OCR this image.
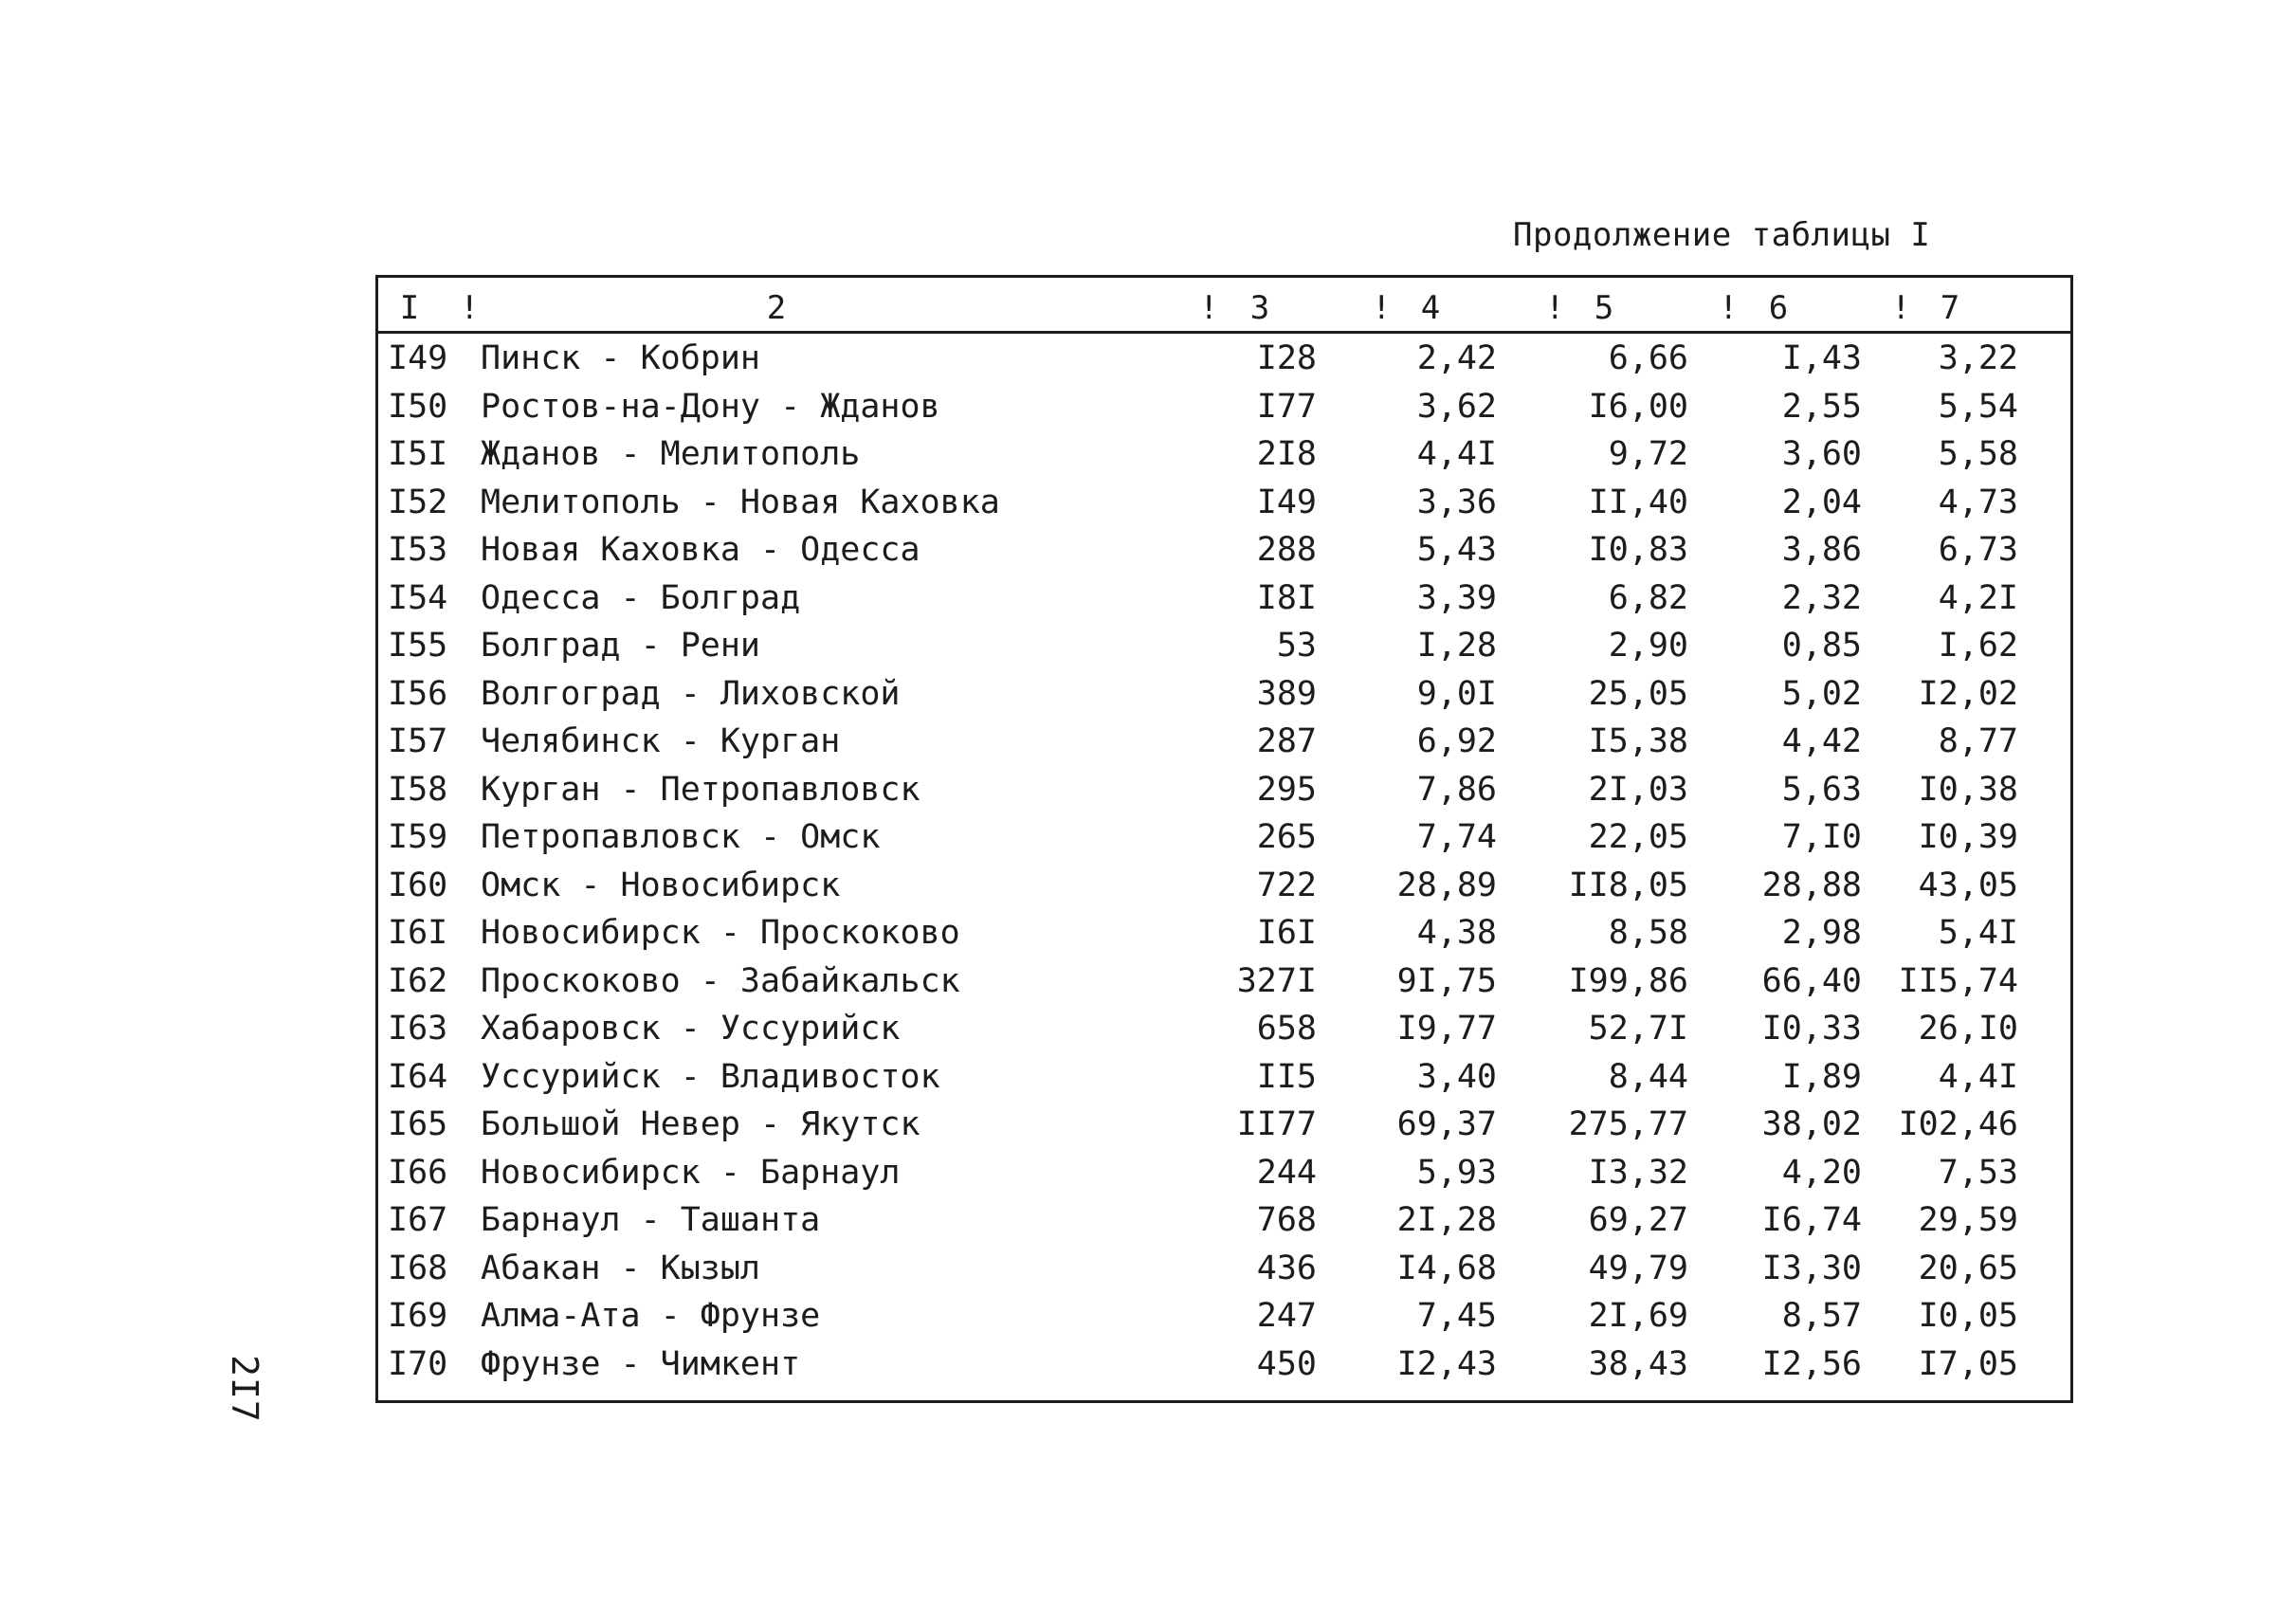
Продолжение таблицы I
2I7
I !	2	! 3	! 4	! 5	! 6	! 7
I49 Пинск - Кобрин	I28	2,42	6,66	I,43	3,22
I50 Ростов-на-Дону - Жданов	I77	3,62	I6,00	2,55	5,54
I5I Жданов - Мелитополь	2I8	4,4I	9,72	3,60	5,58
I52 Мелитополь - Новая Каховка	I49	3,36	II,40	2,04	4,73
I53 Новая Каховка - Одесса	288	5,43	I0,83	3,86	6,73
I54 Одесса - Болград	I8I	3,39	6,82	2,32	4,2I
I55 Болград - Рени	53	I,28	2,90	0,85	I,62
I56 Волгоград - Лиховской	389	9,0I	25,05	5,02	I2,02
I57 Челябинск - Курган	287	6,92	I5,38	4,42	8,77
I58 Курган - Петропавловск	295	7,86	2I,03	5,63	I0,38
I59 Петропавловск - Омск	265	7,74	22,05	7,I0	I0,39
I60 Омск - Новосибирск	722	28,89	II8,05	28,88	43,05
I6I Новосибирск - Проскоково	I6I	4,38	8,58	2,98	5,4I
I62 Проскоково - Забайкальск	327I	9I,75	I99,86	66,40	II5,74
I63 Хабаровск - Уссурийск	658	I9,77	52,7I	I0,33	26,I0
I64 Уссурийск - Владивосток	II5	3,40	8,44	I,89	4,4I
I65 Большой Невер - Якутск	II77	69,37	275,77	38,02	I02,46
I66 Новосибирск - Барнаул	244	5,93	I3,32	4,20	7,53
I67 Барнаул - Ташанта	768	2I,28	69,27	I6,74	29,59
I68 Абакан - Кызыл	436	I4,68	49,79	I3,30	20,65
I69 Алма-Ата - Фрунзе	247	7,45	2I,69	8,57	I0,05
I70 Фрунзе - Чимкент	450	I2,43	38,43	I2,56	I7,05
